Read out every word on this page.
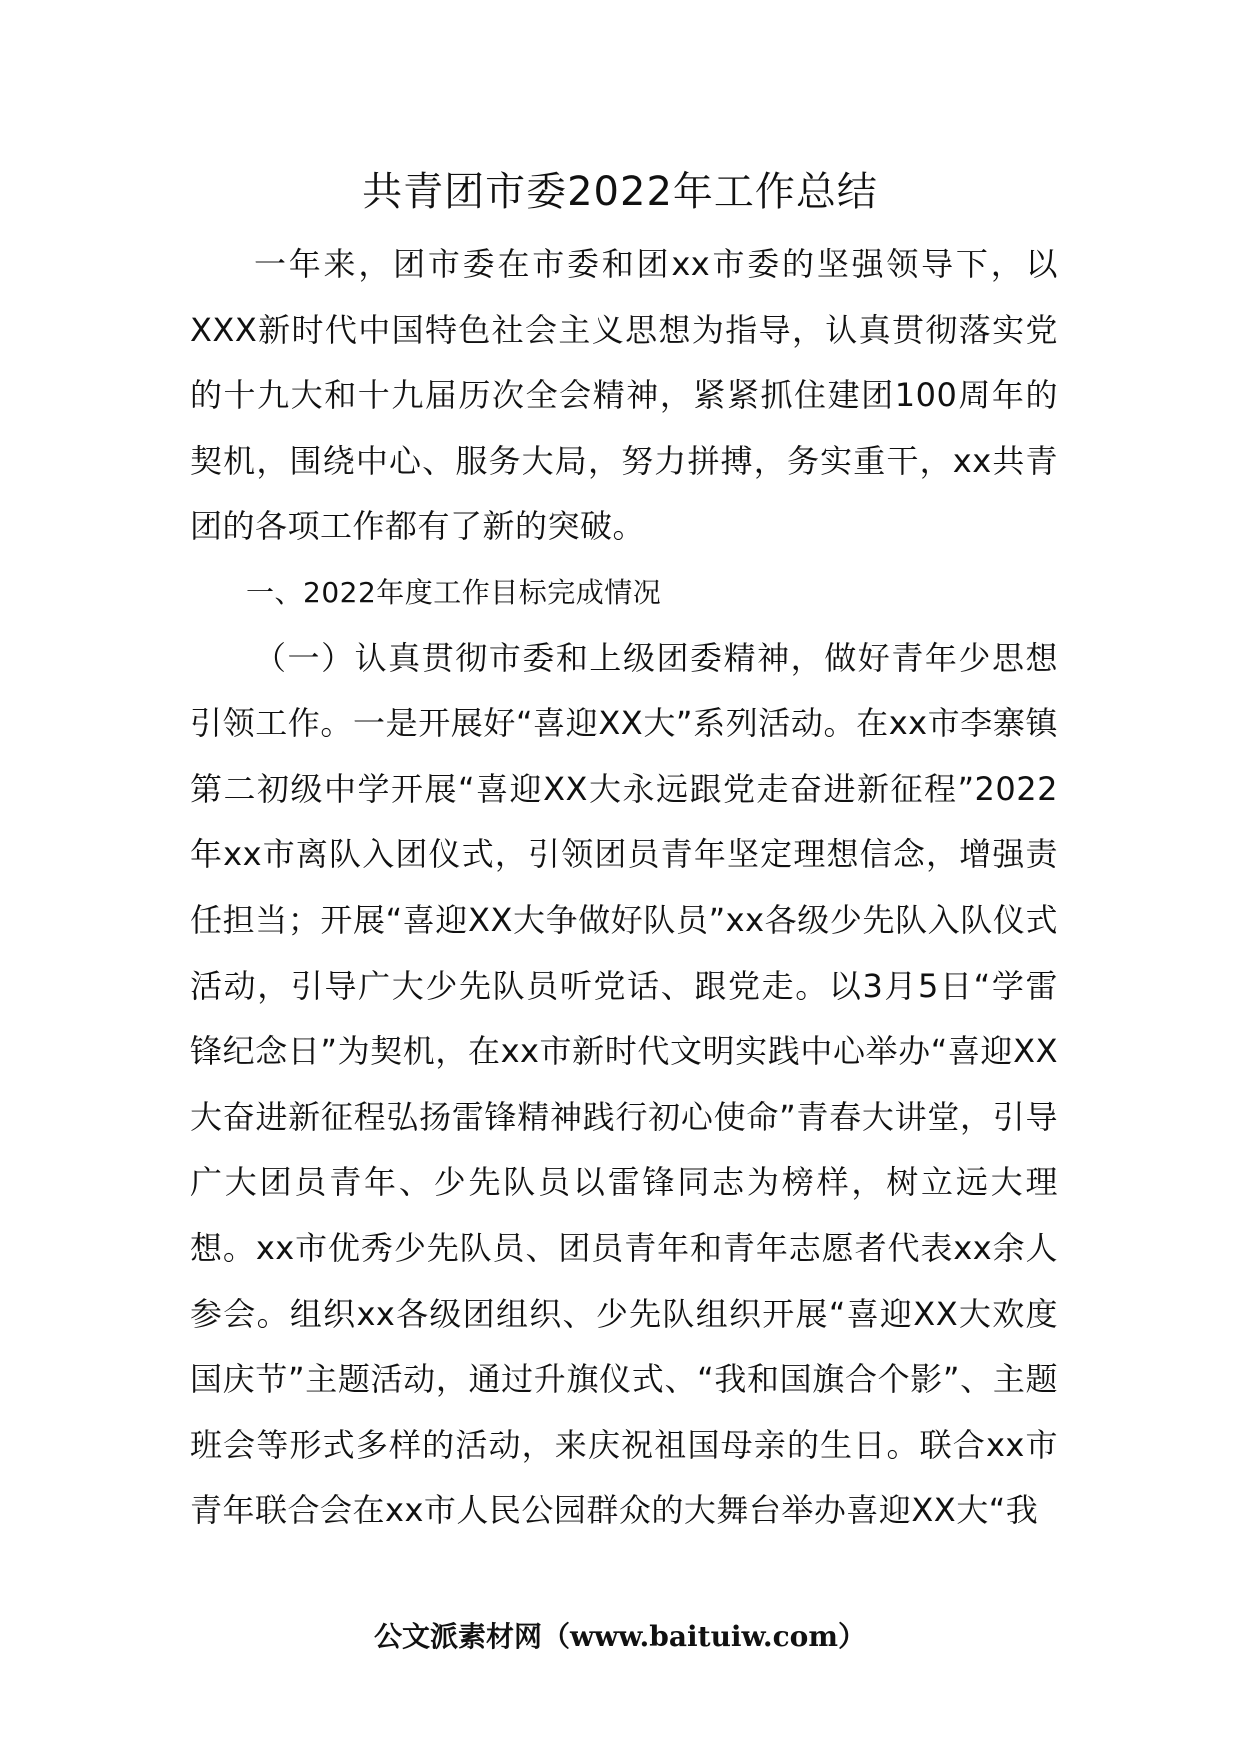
共青团市委2022年工作总结

一年来，团市委在市委和团xx市委的坚强领导下，以XXX新时代中国特色社会主义思想为指导，认真贯彻落实党的十九大和十九届历次全会精神，紧紧抓住建团100周年的契机，围绕中心、服务大局，努力拼搏，务实重干，xx共青团的各项工作都有了新的突破。

一、2022年度工作目标完成情况

（一）认真贯彻市委和上级团委精神，做好青年少思想引领工作。一是开展好“喜迎XX大”系列活动。在xx市李寨镇第二初级中学开展“喜迎XX大永远跟党走奋进新征程”2022年xx市离队入团仪式，引领团员青年坚定理想信念，增强责任担当；开展“喜迎XX大争做好队员”xx各级少先队入队仪式活动，引导广大少先队员听党话、跟党走。以3月5日“学雷锋纪念日”为契机，在xx市新时代文明实践中心举办“喜迎XX大奋进新征程弘扬雷锋精神践行初心使命”青春大讲堂，引导广大团员青年、少先队员以雷锋同志为榜样，树立远大理想。xx市优秀少先队员、团员青年和青年志愿者代表xx余人参会。组织xx各级团组织、少先队组织开展“喜迎XX大欢度国庆节”主题活动，通过升旗仪式、“我和国旗合个影”、主题班会等形式多样的活动，来庆祝祖国母亲的生日。联合xx市青年联合会在xx市人民公园群众的大舞台举办喜迎XX大“我

公文派素材网（www.baituiw.com）
